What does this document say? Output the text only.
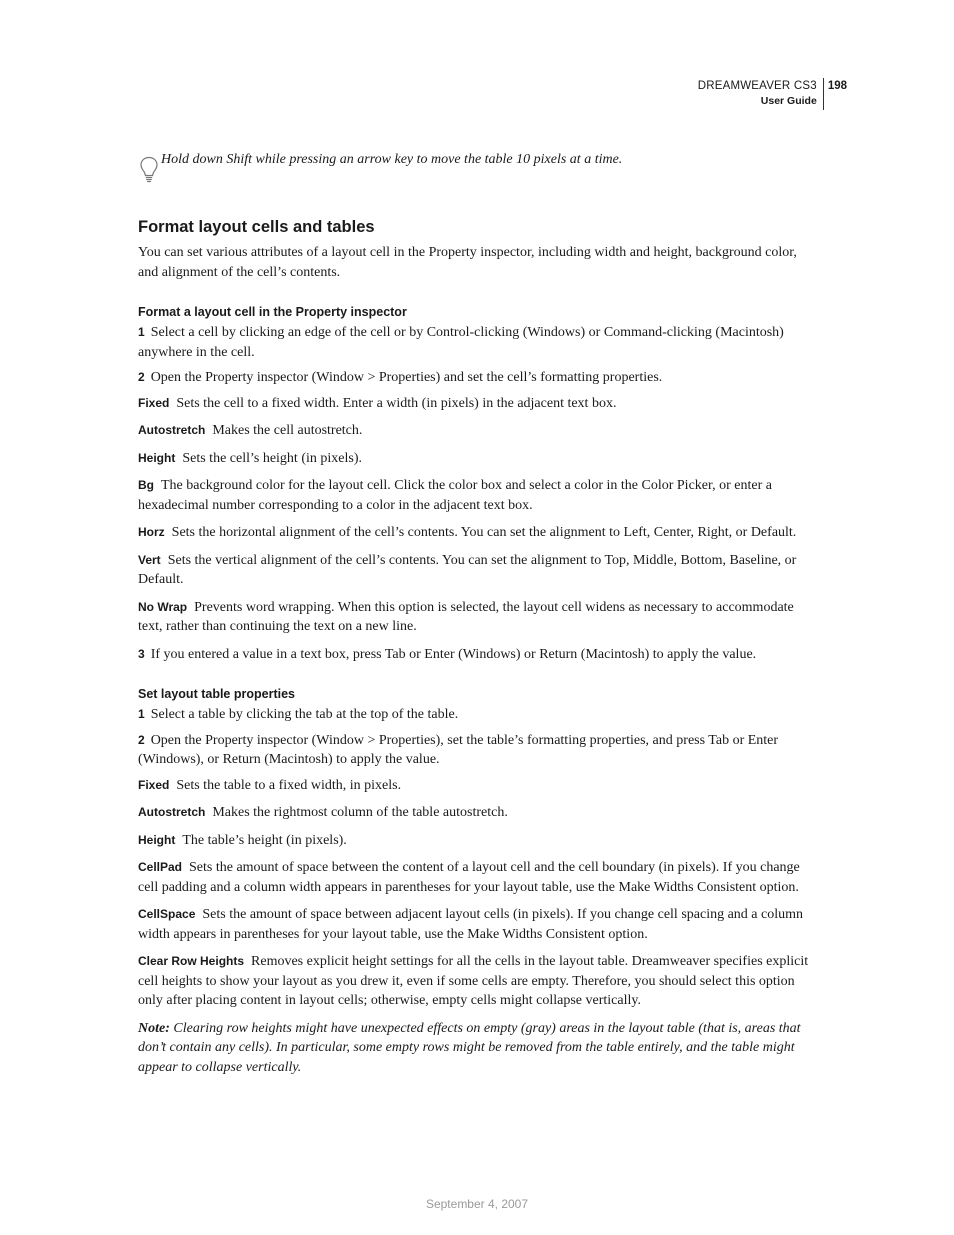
DREAMWEAVER CS3
User Guide
198
Hold down Shift while pressing an arrow key to move the table 10 pixels at a time.
Format layout cells and tables

You can set various attributes of a layout cell in the Property inspector, including width and height, background color, and alignment of the cell’s contents.

Format a layout cell in the Property inspector

1 Select a cell by clicking an edge of the cell or by Control-clicking (Windows) or Command-clicking (Macintosh) anywhere in the cell.

2 Open the Property inspector (Window > Properties) and set the cell’s formatting properties.

Fixed Sets the cell to a fixed width. Enter a width (in pixels) in the adjacent text box.

Autostretch Makes the cell autostretch.

Height Sets the cell’s height (in pixels).

Bg The background color for the layout cell. Click the color box and select a color in the Color Picker, or enter a hexadecimal number corresponding to a color in the adjacent text box.

Horz Sets the horizontal alignment of the cell’s contents. You can set the alignment to Left, Center, Right, or Default.

Vert Sets the vertical alignment of the cell’s contents. You can set the alignment to Top, Middle, Bottom, Baseline, or Default.

No Wrap Prevents word wrapping. When this option is selected, the layout cell widens as necessary to accommodate text, rather than continuing the text on a new line.

3 If you entered a value in a text box, press Tab or Enter (Windows) or Return (Macintosh) to apply the value.

Set layout table properties

1 Select a table by clicking the tab at the top of the table.

2 Open the Property inspector (Window > Properties), set the table’s formatting properties, and press Tab or Enter (Windows), or Return (Macintosh) to apply the value.

Fixed Sets the table to a fixed width, in pixels.

Autostretch Makes the rightmost column of the table autostretch.

Height The table’s height (in pixels).

CellPad Sets the amount of space between the content of a layout cell and the cell boundary (in pixels). If you change cell padding and a column width appears in parentheses for your layout table, use the Make Widths Consistent option.

CellSpace Sets the amount of space between adjacent layout cells (in pixels). If you change cell spacing and a column width appears in parentheses for your layout table, use the Make Widths Consistent option.

Clear Row Heights Removes explicit height settings for all the cells in the layout table. Dreamweaver specifies explicit cell heights to show your layout as you drew it, even if some cells are empty. Therefore, you should select this option only after placing content in layout cells; otherwise, empty cells might collapse vertically.

Note: Clearing row heights might have unexpected effects on empty (gray) areas in the layout table (that is, areas that don’t contain any cells). In particular, some empty rows might be removed from the table entirely, and the table might appear to collapse vertically.

September 4, 2007
